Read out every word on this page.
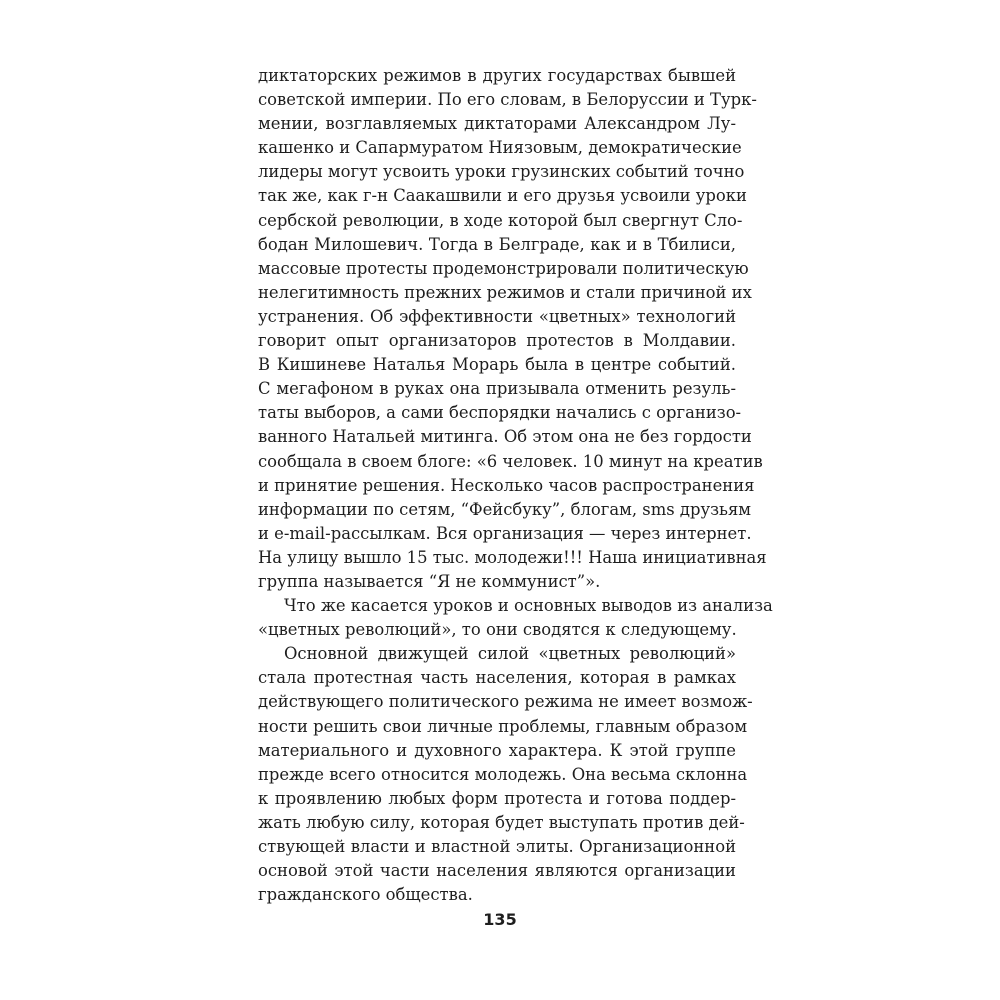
диктаторских режимов в других государствах бывшей
советской империи. По его словам, в Белоруссии и Турк-
мении, возглавляемых диктаторами Александром Лу-
кашенко и Сапармуратом Ниязовым, демократические
лидеры могут усвоить уроки грузинских событий точно
так же, как г-н Саакашвили и его друзья усвоили уроки
сербской революции, в ходе которой был свергнут Сло-
бодан Милошевич. Тогда в Белграде, как и в Тбилиси,
массовые протесты продемонстрировали политическую
нелегитимность прежних режимов и стали причиной их
устранения. Об эффективности «цветных» технологий
говорит опыт организаторов протестов в Молдавии.
В Кишиневе Наталья Морарь была в центре событий.
С мегафоном в руках она призывала отменить резуль-
таты выборов, а сами беспорядки начались с организо-
ванного Натальей митинга. Об этом она не без гордости
сообщала в своем блоге: «6 человек. 10 минут на креатив
и принятие решения. Несколько часов распространения
информации по сетям, “Фейсбуку”, блогам, sms друзьям
и e-mail-рассылкам. Вся организация — через интернет.
На улицу вышло 15 тыс. молодежи!!! Наша инициативная
группа называется “Я не коммунист”».
Что же касается уроков и основных выводов из анализа
«цветных революций», то они сводятся к следующему.
Основной движущей силой «цветных революций»
стала протестная часть населения, которая в рамках
действующего политического режима не имеет возмож-
ности решить свои личные проблемы, главным образом
материального и духовного характера. К этой группе
прежде всего относится молодежь. Она весьма склонна
к проявлению любых форм протеста и готова поддер-
жать любую силу, которая будет выступать против дей-
ствующей власти и властной элиты. Организационной
основой этой части населения являются организации
гражданского общества.
135
